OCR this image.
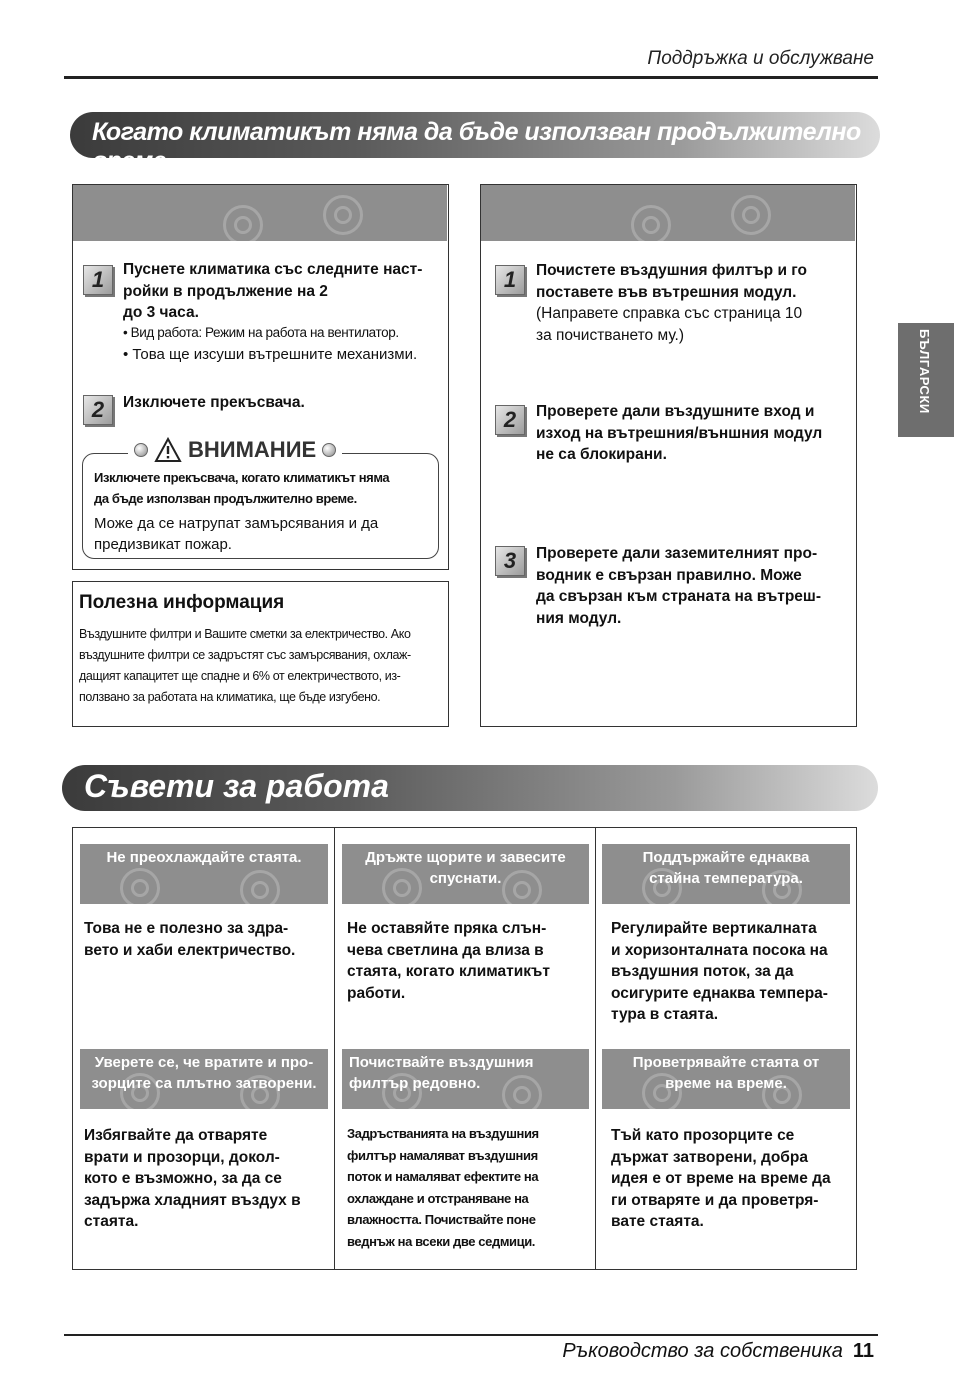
Поддръжка и обслужване
БЪЛГАРСКИ
Когато климатикът няма да бъде използван продължително време.

1	Пуснете климатика със следните наст-
ройки в продължение на 2
до 3 часа.
• Вид работа: Режим на работа на вентилатор.
• Това ще изсуши вътрешните механизми.
2	Изключете прекъсвача.
ВНИМАНИЕ
Изключете прекъсвача, когато климатикът няма
да бъде използван продължително време.
Може да се натрупат замърсявания и да
предизвикат пожар.
Полезна информация
Въздушните филтри и Вашите сметки за електричество. Ако
въздушните филтри се задръстят със замърсявания, охлаж-
дащият капацитет ще спадне и 6% от електричеството, из-
ползвано за работата на климатика, ще бъде изгубено.

1	Почистете въздушния филтър и го
поставете във вътрешния модул.
(Направете справка със страница 10
за почистването му.)
2	Проверете дали въздушните вход и
изход на вътрешния/външния модул
не са блокирани.
3	Проверете дали заземителният про-
водник е свързан правилно. Може
да свързан към страната на вътреш-
ния модул.
Съвети за работа
Не преохлаждайте стаята.	Дръжте щорите и завесите
спуснати.
Поддържайте еднаква
стайна температура.
Това не е полезно за здра-
вето и хаби електричество.
Не оставяйте пряка слън-
чева светлина да влиза в
стаята, когато климатикът
работи.
Регулирайте вертикалната
и хоризонталната посока на
въздушния поток, за да
осигурите еднаква темпера-
тура в стаята.
Уверете се, че вратите и про-
зорците са плътно затворени.
Почиствайте въздушния
филтър редовно.
Проветрявайте стаята от
време на време.
Избягвайте да отваряте
врати и прозорци, докол-
кото е възможно, за да се
задържа хладният въздух в
стаята.
Задръстванията на въздушния
филтър намаляват въздушния
поток и намаляват ефектите на
охлаждане и отстраняване на
влажността. Почиствайте поне
веднъж на всеки две седмици.
Тъй като прозорците се
държат затворени, добра
идея е от време на време да
ги отваряте и да проветря-
вате стаята.
Ръководство за собственика 11
